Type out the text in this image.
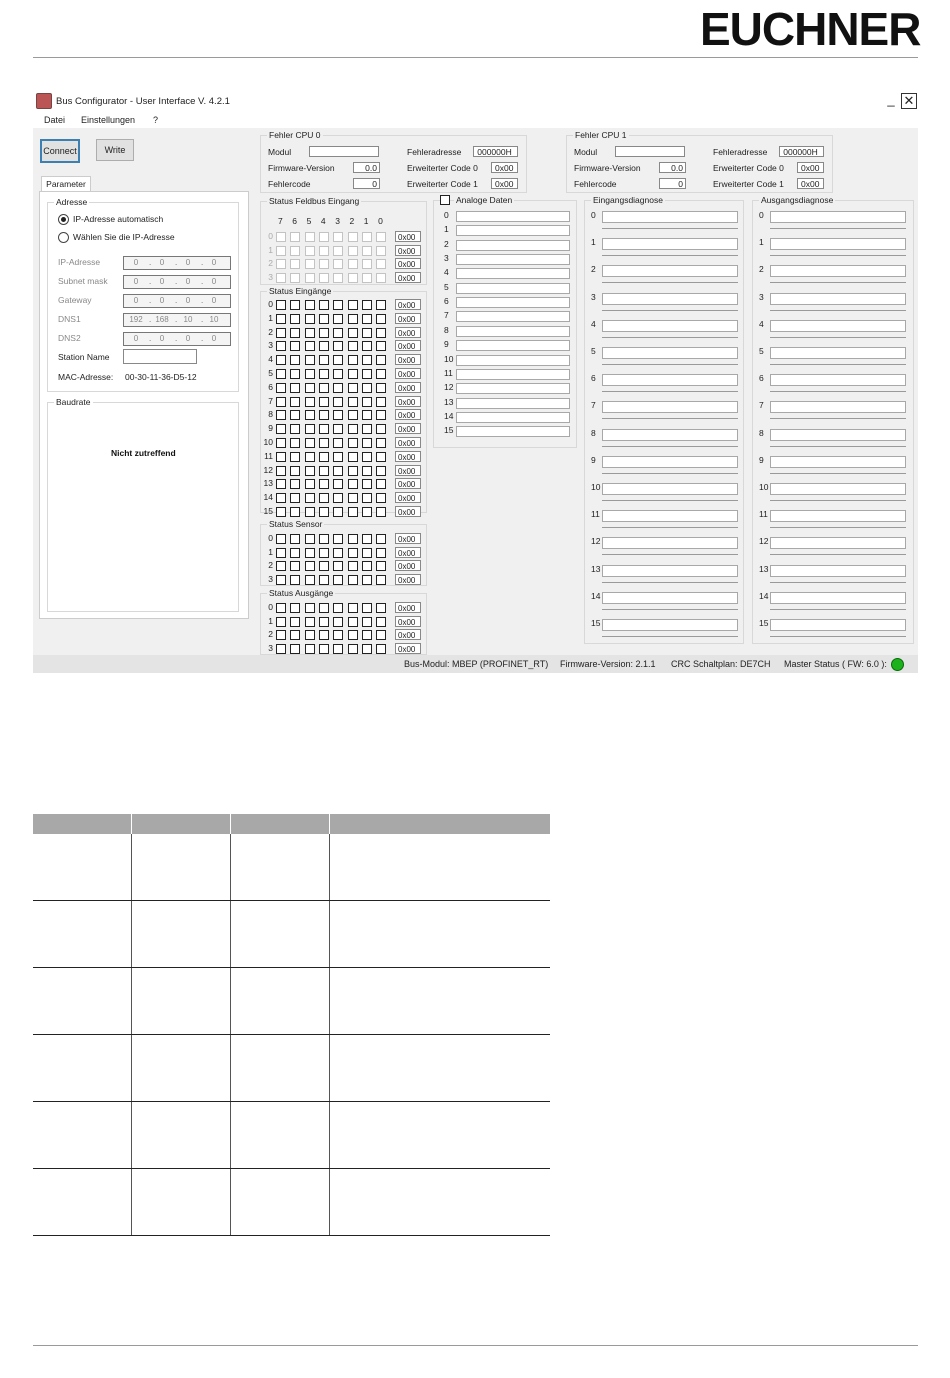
EUCHNER
Bus Configurator - User Interface V. 4.2.1	_ ✕
Datei Einstellungen ?
Connect	Write
Parameter
Adresse
IP-Adresse automatisch
Wählen Sie die IP-Adresse
IP-Adresse	0	.	0	.	0	.	0
Subnet mask	0	.	0	.	0	.	0
Gateway	0	.	0	.	0	.	0
DNS1	192 . 168 . 10	. 10
DNS2	0	.	0	.	0	.	0
Station Name
MAC-Adresse: 00-30-11-36-D5-12
Baudrate
Nicht zutreffend
Fehler CPU 0
Modul
Firmware-Version	0.0
Fehlercode	0
Fehleradresse	000000H
Erweiterter Code 0	0x00
Erweiterter Code 1	0x00
Fehler CPU 1
Modul
Firmware-Version	0.0
Fehlercode	0
Fehleradresse	000000H
Erweiterter Code 0	0x00
Erweiterter Code 1	0x00
Status Feldbus Eingang
7 6 5 4 3 2 1 0
0	0x00
1	0x00
2	0x00
3	0x00
Status Eingänge
0	0x00
1	0x00
2	0x00
3	0x00
4	0x00
5	0x00
6	0x00
7	0x00
8	0x00
9	0x00
10	0x00
11	0x00
12	0x00
13	0x00
14	0x00
15	0x00
Status Sensor
0	0x00
1	0x00
2	0x00
3	0x00
Status Ausgänge
0	0x00
1	0x00
2	0x00
3	0x00
Analoge Daten
0
1
2
3
4
5
6
7
8
9
10
11
12
13
14
15
Eingangsdiagnose
0
1
2
3
4
5
6
7
8
9
10
11
12
13
14
15
Ausgangsdiagnose
0
1
2
3
4
5
6
7
8
9
10
11
12
13
14
15
Bus-Modul: MBEP (PROFINET_RT) Firmware-Version: 2.1.1 CRC Schaltplan: DE7CH Master Status ( FW: 6.0 ):
